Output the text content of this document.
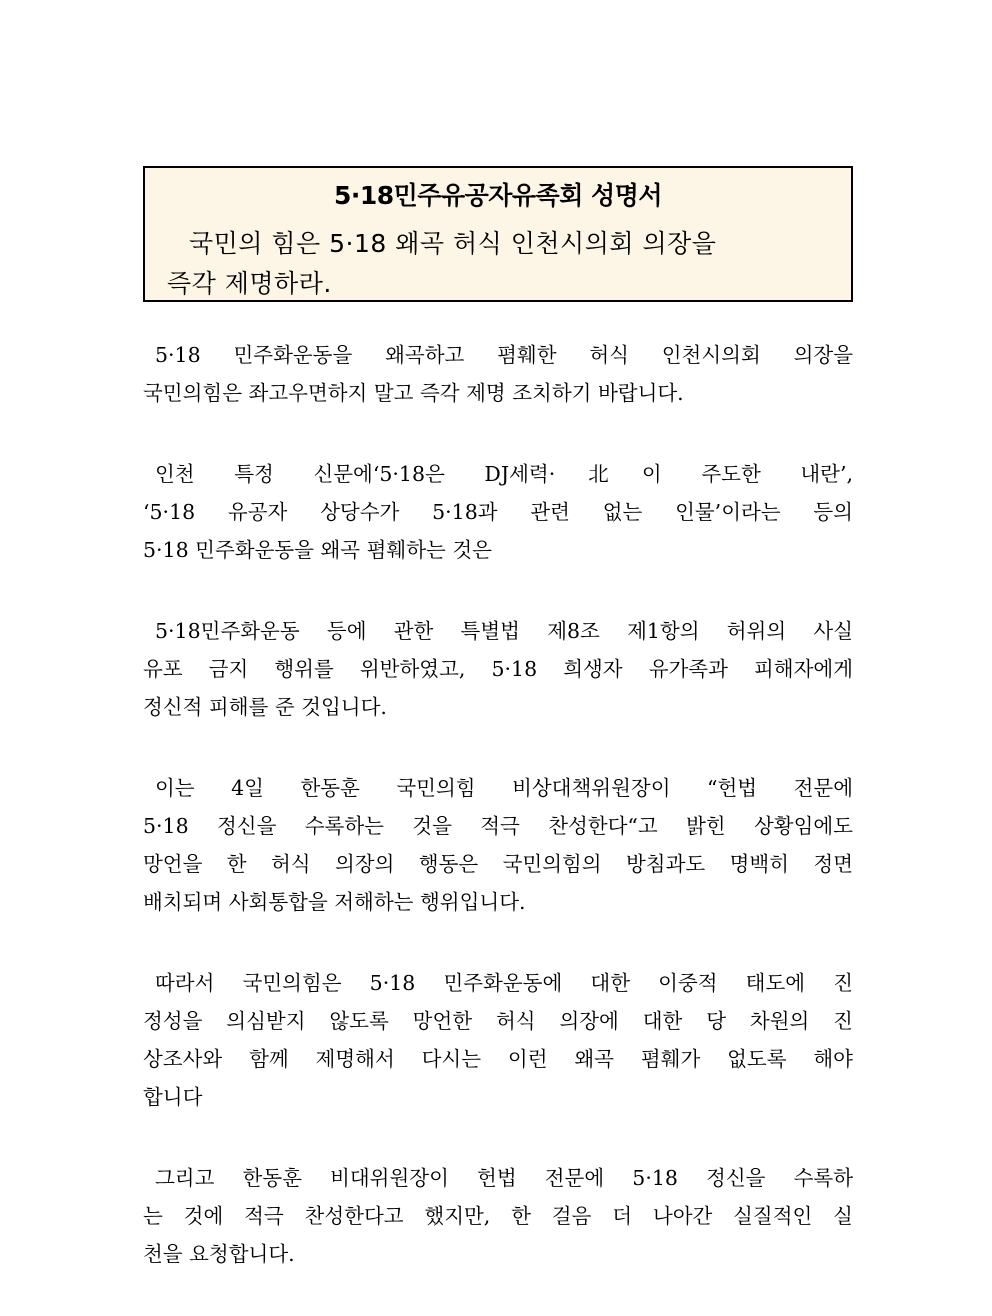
5·18민주유공자유족회 성명서
국민의 힘은 5·18 왜곡 허식 인천시의회 의장을
즉각 제명하라.
5·18 민주화운동을 왜곡하고 폄훼한 허식 인천시의회 의장을
국민의힘은 좌고우면하지 말고 즉각 제명 조치하기 바랍니다.
인천 특정 신문에‘5·18은 DJ세력·北이 주도한 내란’,
‘5·18 유공자 상당수가 5·18과 관련 없는 인물’이라는 등의
5·18 민주화운동을 왜곡 폄훼하는 것은
5·18민주화운동 등에 관한 특별법 제8조 제1항의 허위의 사실
유포 금지 행위를 위반하였고, 5·18 희생자 유가족과 피해자에게
정신적 피해를 준 것입니다.
이는 4일 한동훈 국민의힘 비상대책위원장이 “헌법 전문에
5·18 정신을 수록하는 것을 적극 찬성한다“고 밝힌 상황임에도
망언을 한 허식 의장의 행동은 국민의힘의 방침과도 명백히 정면
배치되며 사회통합을 저해하는 행위입니다.
따라서 국민의힘은 5·18 민주화운동에 대한 이중적 태도에 진
정성을 의심받지 않도록 망언한 허식 의장에 대한 당 차원의 진
상조사와 함께 제명해서 다시는 이런 왜곡 폄훼가 없도록 해야
합니다
그리고 한동훈 비대위원장이 헌법 전문에 5·18 정신을 수록하
는 것에 적극 찬성한다고 했지만, 한 걸음 더 나아간 실질적인 실
천을 요청합니다.
